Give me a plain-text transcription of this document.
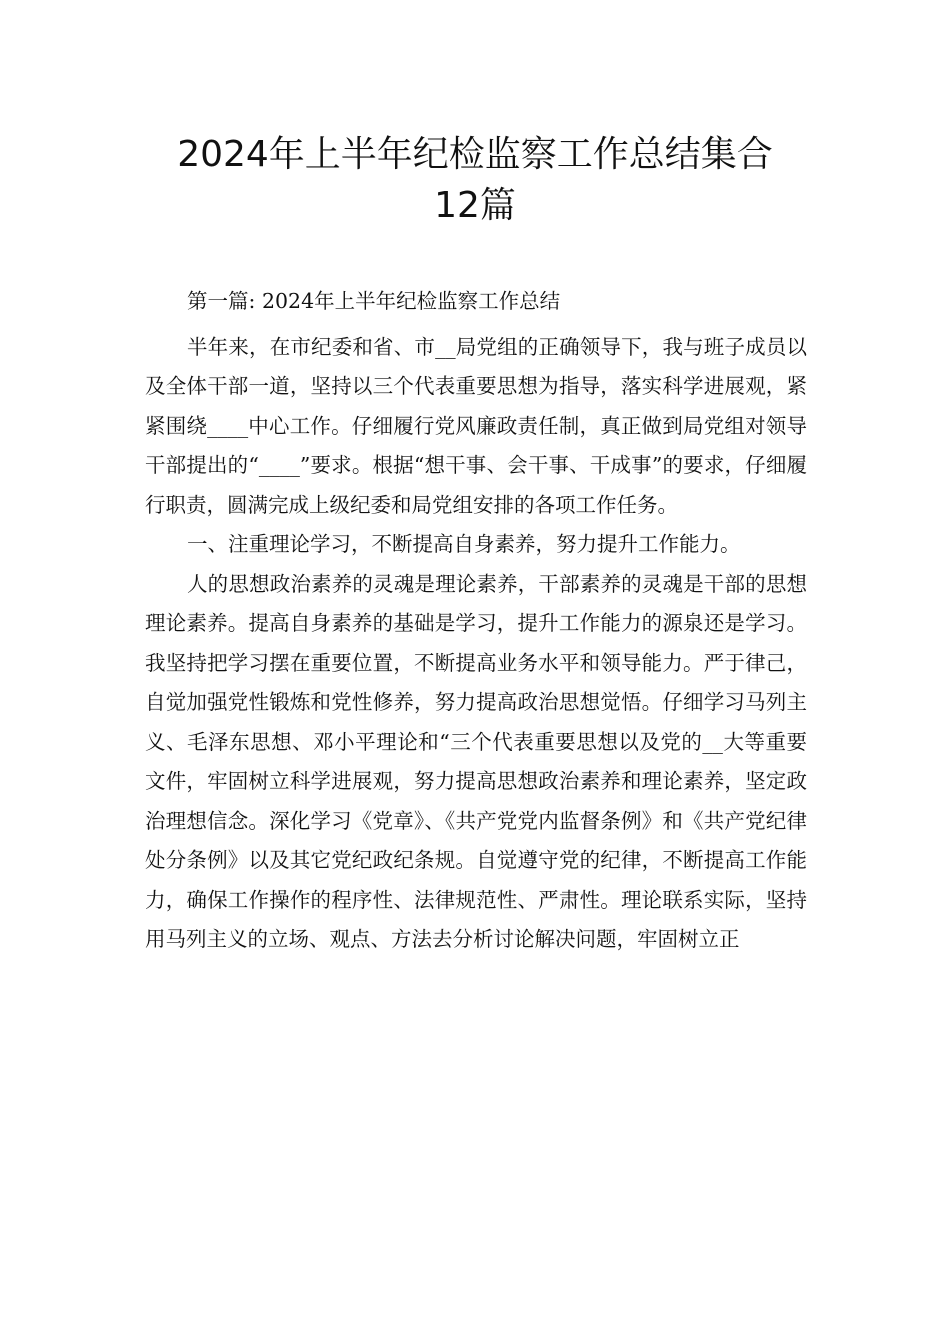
2024年上半年纪检监察工作总结集合
12篇

第一篇: 2024年上半年纪检监察工作总结

半年来，在市纪委和省、市__局党组的正确领导下，我与班子成员以及全体干部一道，坚持以三个代表重要思想为指导，落实科学进展观，紧紧围绕____中心工作。仔细履行党风廉政责任制，真正做到局党组对领导干部提出的“____”要求。根据“想干事、会干事、干成事”的要求，仔细履行职责，圆满完成上级纪委和局党组安排的各项工作任务。

一、注重理论学习，不断提高自身素养，努力提升工作能力。

人的思想政治素养的灵魂是理论素养，干部素养的灵魂是干部的思想理论素养。提高自身素养的基础是学习，提升工作能力的源泉还是学习。我坚持把学习摆在重要位置，不断提高业务水平和领导能力。严于律己，自觉加强党性锻炼和党性修养，努力提高政治思想觉悟。仔细学习马列主义、毛泽东思想、邓小平理论和“三个代表重要思想以及党的__大等重要文件，牢固树立科学进展观，努力提高思想政治素养和理论素养，坚定政治理想信念。深化学习《党章》、《共产党党内监督条例》和《共产党纪律处分条例》以及其它党纪政纪条规。自觉遵守党的纪律，不断提高工作能力，确保工作操作的程序性、法律规范性、严肃性。理论联系实际，坚持用马列主义的立场、观点、方法去分析讨论解决问题，牢固树立正
